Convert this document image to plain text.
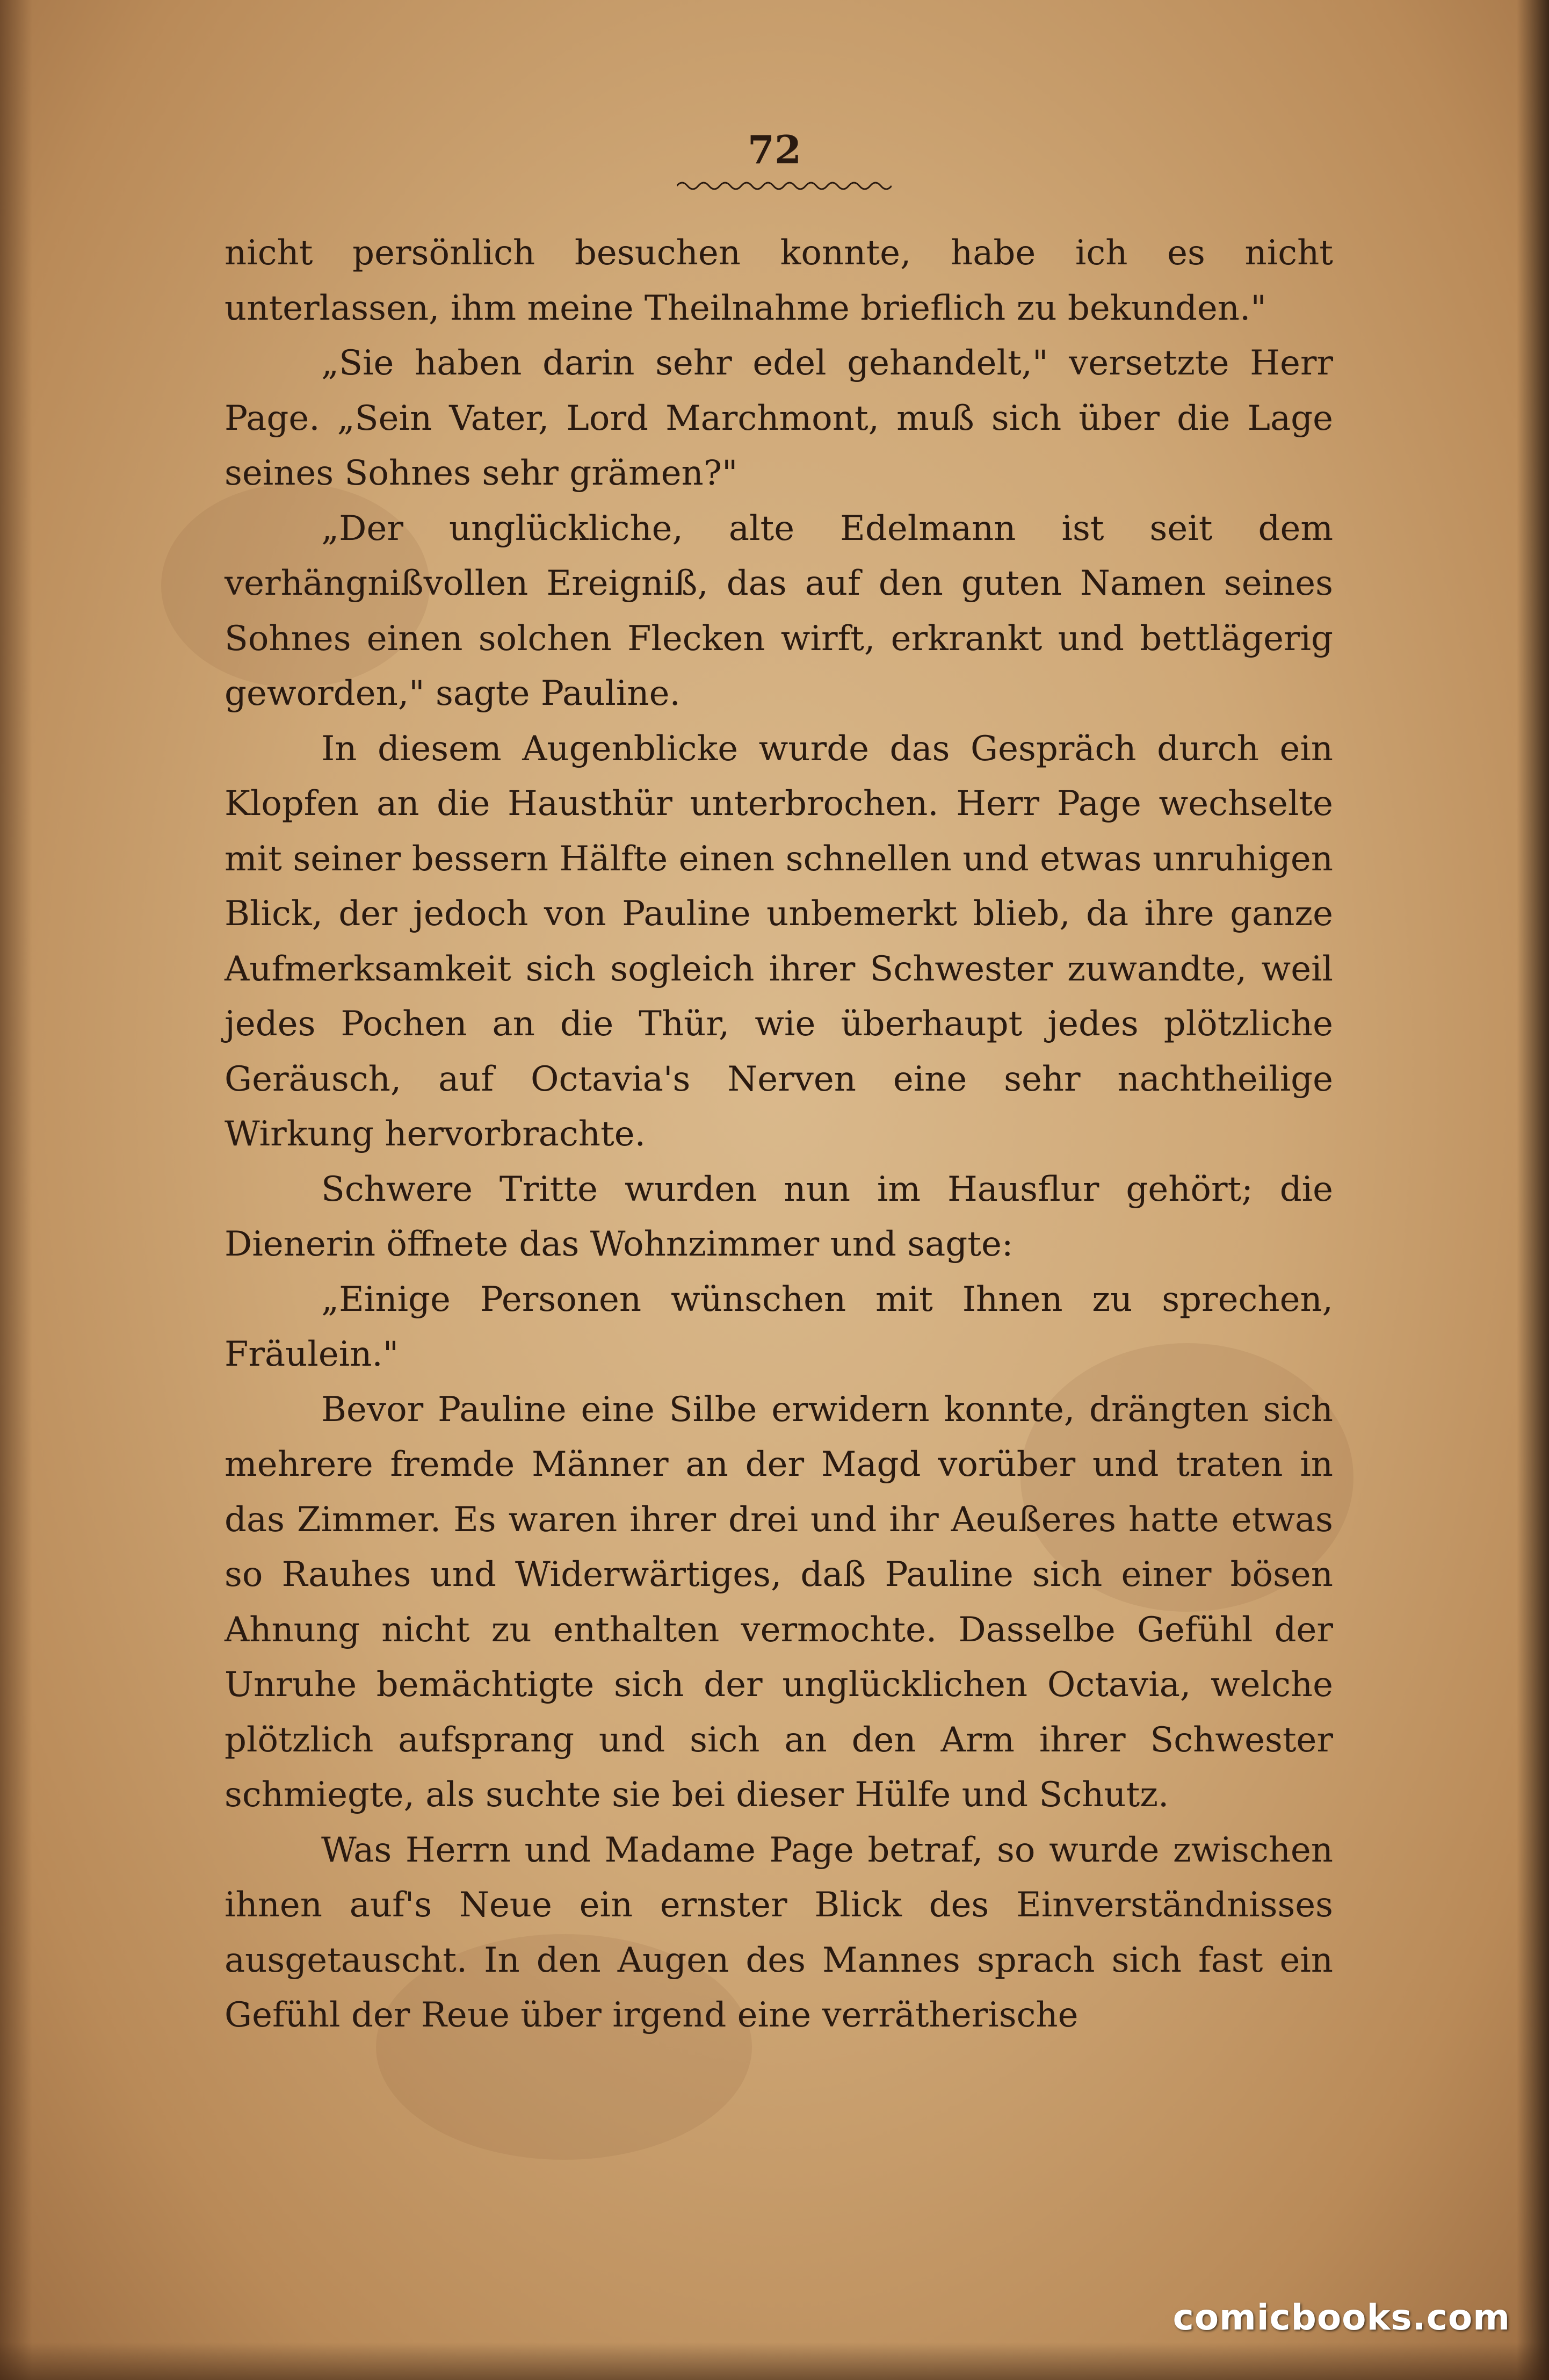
72

nicht persönlich besuchen konnte, habe ich es nicht unterlassen, ihm meine Theilnahme brieflich zu bekunden."

„Sie haben darin sehr edel gehandelt," versetzte Herr Page. „Sein Vater, Lord Marchmont, muß sich über die Lage seines Sohnes sehr grämen?"

„Der unglückliche, alte Edelmann ist seit dem verhängnißvollen Ereigniß, das auf den guten Namen seines Sohnes einen solchen Flecken wirft, erkrankt und bettlägerig geworden," sagte Pauline.

In diesem Augenblicke wurde das Gespräch durch ein Klopfen an die Hausthür unterbrochen. Herr Page wechselte mit seiner bessern Hälfte einen schnellen und etwas unruhigen Blick, der jedoch von Pauline unbemerkt blieb, da ihre ganze Aufmerksamkeit sich sogleich ihrer Schwester zuwandte, weil jedes Pochen an die Thür, wie überhaupt jedes plötzliche Geräusch, auf Octavia's Nerven eine sehr nachtheilige Wirkung hervorbrachte.

Schwere Tritte wurden nun im Hausflur gehört; die Dienerin öffnete das Wohnzimmer und sagte:

„Einige Personen wünschen mit Ihnen zu sprechen, Fräulein."

Bevor Pauline eine Silbe erwidern konnte, drängten sich mehrere fremde Männer an der Magd vorüber und traten in das Zimmer. Es waren ihrer drei und ihr Aeußeres hatte etwas so Rauhes und Widerwärtiges, daß Pauline sich einer bösen Ahnung nicht zu enthalten vermochte. Dasselbe Gefühl der Unruhe bemächtigte sich der unglücklichen Octavia, welche plötzlich aufsprang und sich an den Arm ihrer Schwester schmiegte, als suchte sie bei dieser Hülfe und Schutz.

Was Herrn und Madame Page betraf, so wurde zwischen ihnen auf's Neue ein ernster Blick des Einverständnisses ausgetauscht. In den Augen des Mannes sprach sich fast ein Gefühl der Reue über irgend eine verrätherische

comicbooks.com
